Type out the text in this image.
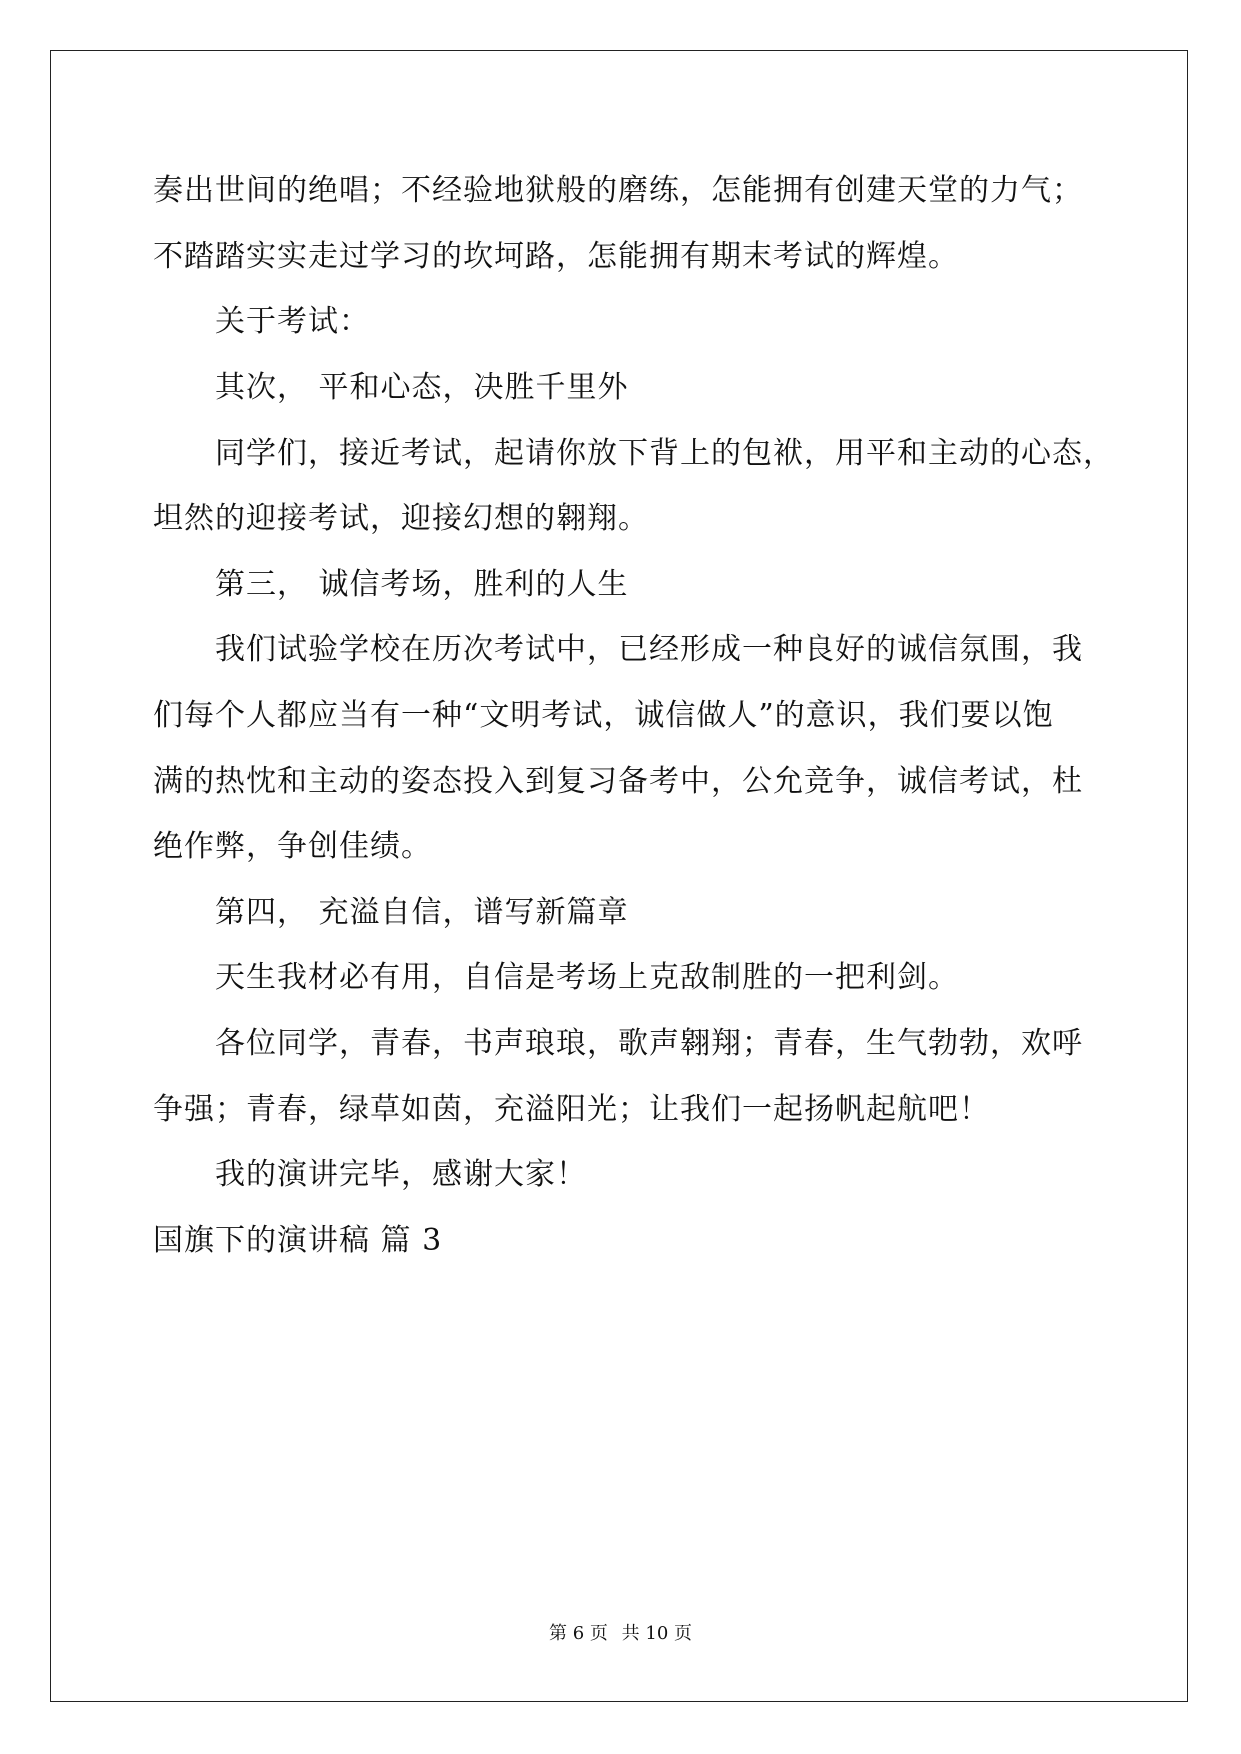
奏出世间的绝唱；不经验地狱般的磨练，怎能拥有创建天堂的力气；
不踏踏实实走过学习的坎坷路，怎能拥有期末考试的辉煌。
关于考试：
其次， 平和心态，决胜千里外
同学们，接近考试，起请你放下背上的包袱，用平和主动的心态，
坦然的迎接考试，迎接幻想的翱翔。
第三， 诚信考场，胜利的人生
我们试验学校在历次考试中，已经形成一种良好的诚信氛围，我
们每个人都应当有一种“文明考试，诚信做人”的意识，我们要以饱
满的热忱和主动的姿态投入到复习备考中，公允竞争，诚信考试，杜
绝作弊，争创佳绩。
第四， 充溢自信，谱写新篇章
天生我材必有用，自信是考场上克敌制胜的一把利剑。
各位同学，青春，书声琅琅，歌声翱翔；青春，生气勃勃，欢呼
争强；青春，绿草如茵，充溢阳光；让我们一起扬帆起航吧！
我的演讲完毕，感谢大家！
国旗下的演讲稿 篇 3
第 6 页 共 10 页
